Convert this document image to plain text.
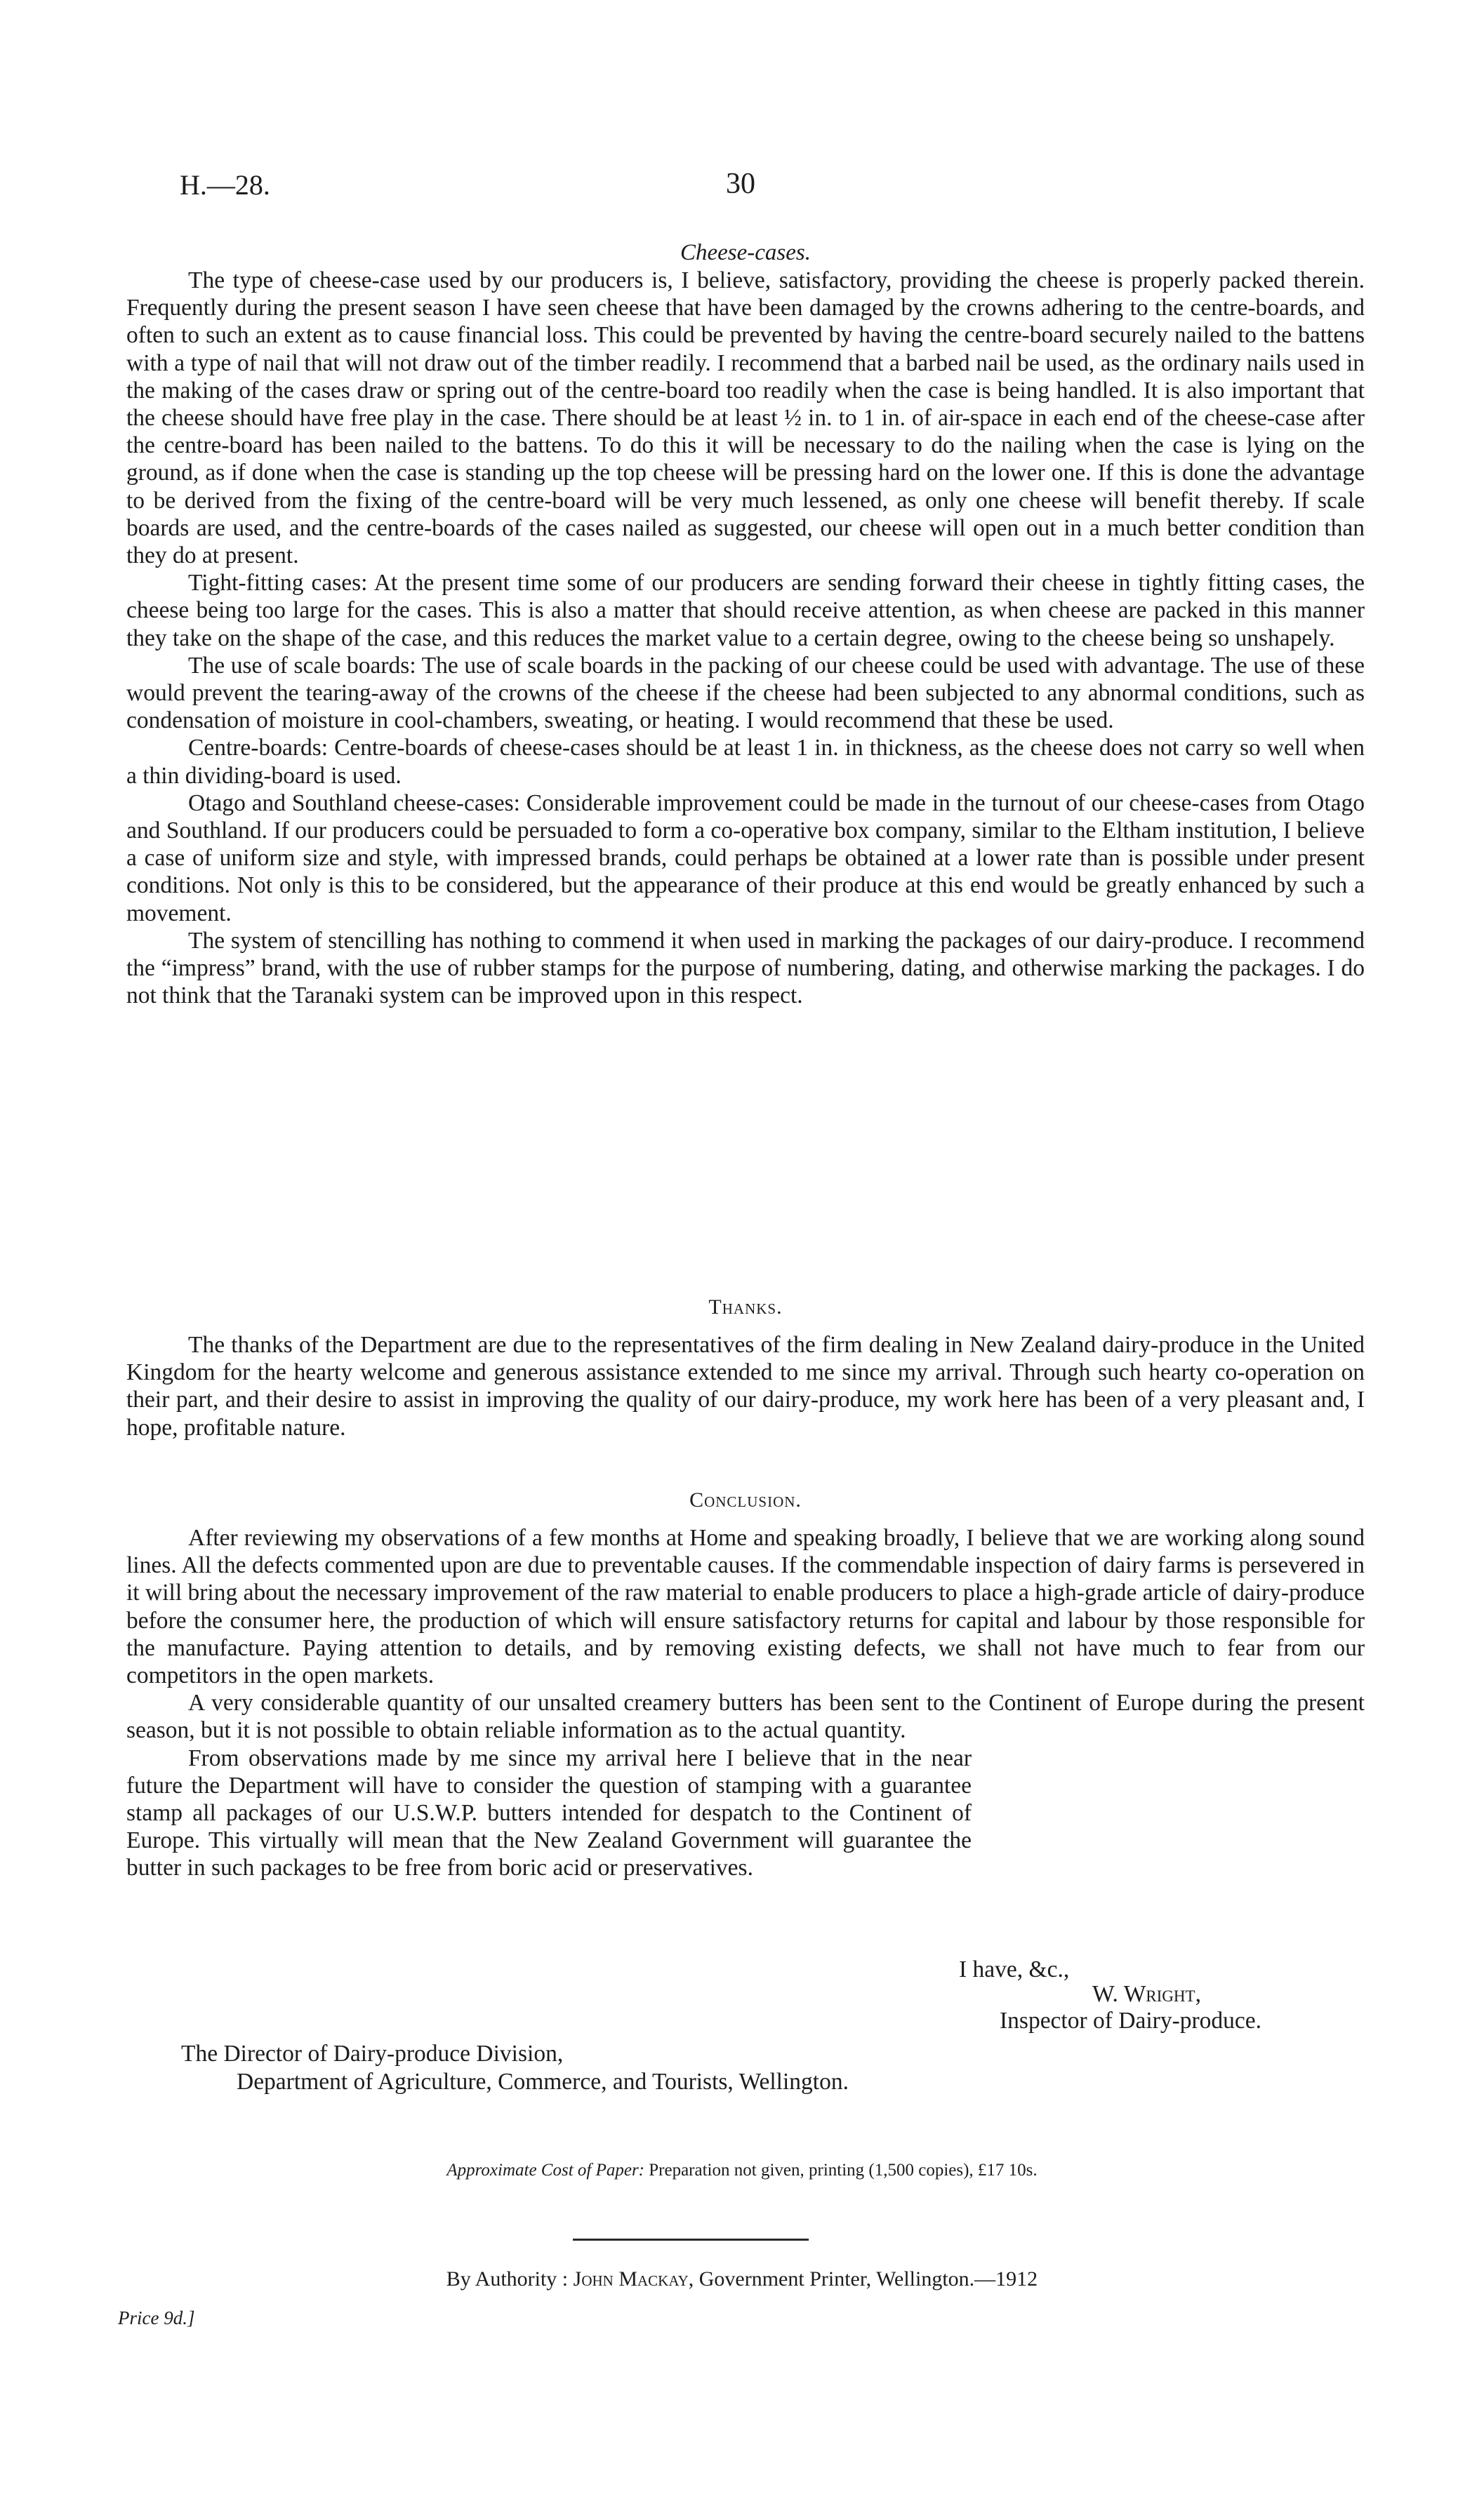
H.—28.	30
Cheese-cases.

The type of cheese-case used by our producers is, I believe, satisfactory, providing the cheese is properly packed therein. Frequently during the present season I have seen cheese that have been damaged by the crowns adhering to the centre-boards, and often to such an extent as to cause financial loss. This could be prevented by having the centre-board securely nailed to the battens with a type of nail that will not draw out of the timber readily. I recommend that a barbed nail be used, as the ordinary nails used in the making of the cases draw or spring out of the centre-board too readily when the case is being handled. It is also important that the cheese should have free play in the case. There should be at least ½ in. to 1 in. of air-space in each end of the cheese-case after the centre-board has been nailed to the battens. To do this it will be necessary to do the nailing when the case is lying on the ground, as if done when the case is standing up the top cheese will be pressing hard on the lower one. If this is done the advantage to be derived from the fixing of the centre-board will be very much lessened, as only one cheese will benefit thereby. If scale boards are used, and the centre-boards of the cases nailed as suggested, our cheese will open out in a much better condition than they do at present.

Tight-fitting cases: At the present time some of our producers are sending forward their cheese in tightly fitting cases, the cheese being too large for the cases. This is also a matter that should receive attention, as when cheese are packed in this manner they take on the shape of the case, and this reduces the market value to a certain degree, owing to the cheese being so unshapely.

The use of scale boards: The use of scale boards in the packing of our cheese could be used with advantage. The use of these would prevent the tearing-away of the crowns of the cheese if the cheese had been subjected to any abnormal conditions, such as condensation of moisture in cool-chambers, sweating, or heating. I would recommend that these be used.

Centre-boards: Centre-boards of cheese-cases should be at least 1 in. in thickness, as the cheese does not carry so well when a thin dividing-board is used.

Otago and Southland cheese-cases: Considerable improvement could be made in the turnout of our cheese-cases from Otago and Southland. If our producers could be persuaded to form a co-operative box company, similar to the Eltham institution, I believe a case of uniform size and style, with impressed brands, could perhaps be obtained at a lower rate than is possible under present conditions. Not only is this to be considered, but the appearance of their produce at this end would be greatly enhanced by such a movement.

The system of stencilling has nothing to commend it when used in marking the packages of our dairy-produce. I recommend the “impress” brand, with the use of rubber stamps for the purpose of numbering, dating, and otherwise marking the packages. I do not think that the Taranaki system can be improved upon in this respect.

Thanks.

The thanks of the Department are due to the representatives of the firm dealing in New Zealand dairy-produce in the United Kingdom for the hearty welcome and generous assistance extended to me since my arrival. Through such hearty co-operation on their part, and their desire to assist in improving the quality of our dairy-produce, my work here has been of a very pleasant and, I hope, profitable nature.

Conclusion.

After reviewing my observations of a few months at Home and speaking broadly, I believe that we are working along sound lines. All the defects commented upon are due to preventable causes. If the commendable inspection of dairy farms is persevered in it will bring about the necessary improvement of the raw material to enable producers to place a high-grade article of dairy-produce before the consumer here, the production of which will ensure satisfactory returns for capital and labour by those responsible for the manufacture. Paying attention to details, and by removing existing defects, we shall not have much to fear from our competitors in the open markets.

A very considerable quantity of our unsalted creamery butters has been sent to the Continent of Europe during the present season, but it is not possible to obtain reliable information as to the actual quantity.

From observations made by me since my arrival here I believe that in the near future the Department will have to consider the question of stamping with a guarantee stamp all packages of our U.S.W.P. butters intended for despatch to the Continent of Europe. This virtually will mean that the New Zealand Government will guarantee the butter in such packages to be free from boric acid or preservatives.

I have, &c.,
W. Wright,
Inspector of Dairy-produce.
The Director of Dairy-produce Division,
Department of Agriculture, Commerce, and Tourists, Wellington.
Approximate Cost of Paper: Preparation not given, printing (1,500 copies), £17 10s.
By Authority : John Mackay, Government Printer, Wellington.—1912
Price 9d.]
